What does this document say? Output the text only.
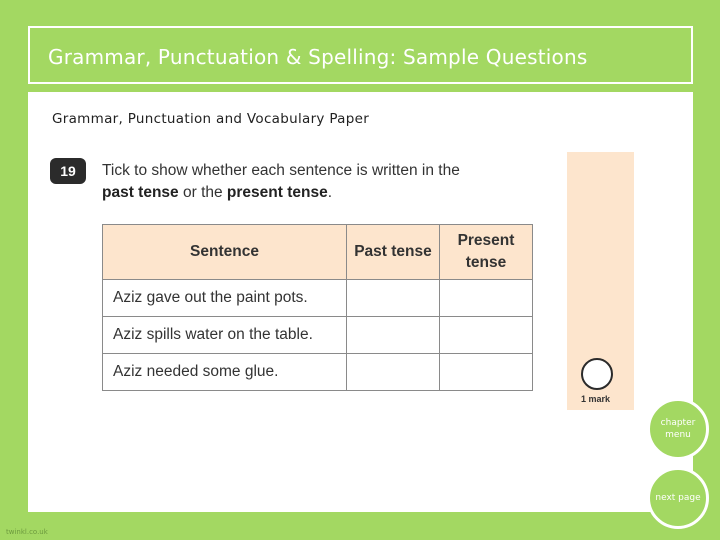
Grammar, Punctuation & Spelling: Sample Questions
Grammar, Punctuation and Vocabulary Paper
19	Tick to show whether each sentence is written in the
past tense or the present tense.
Sentence	Past tense	Present tense
Aziz gave out the paint pots.		
Aziz spills water on the table.		
Aziz needed some glue.		
1 mark
chapter menu
next page
twinkl.co.uk
